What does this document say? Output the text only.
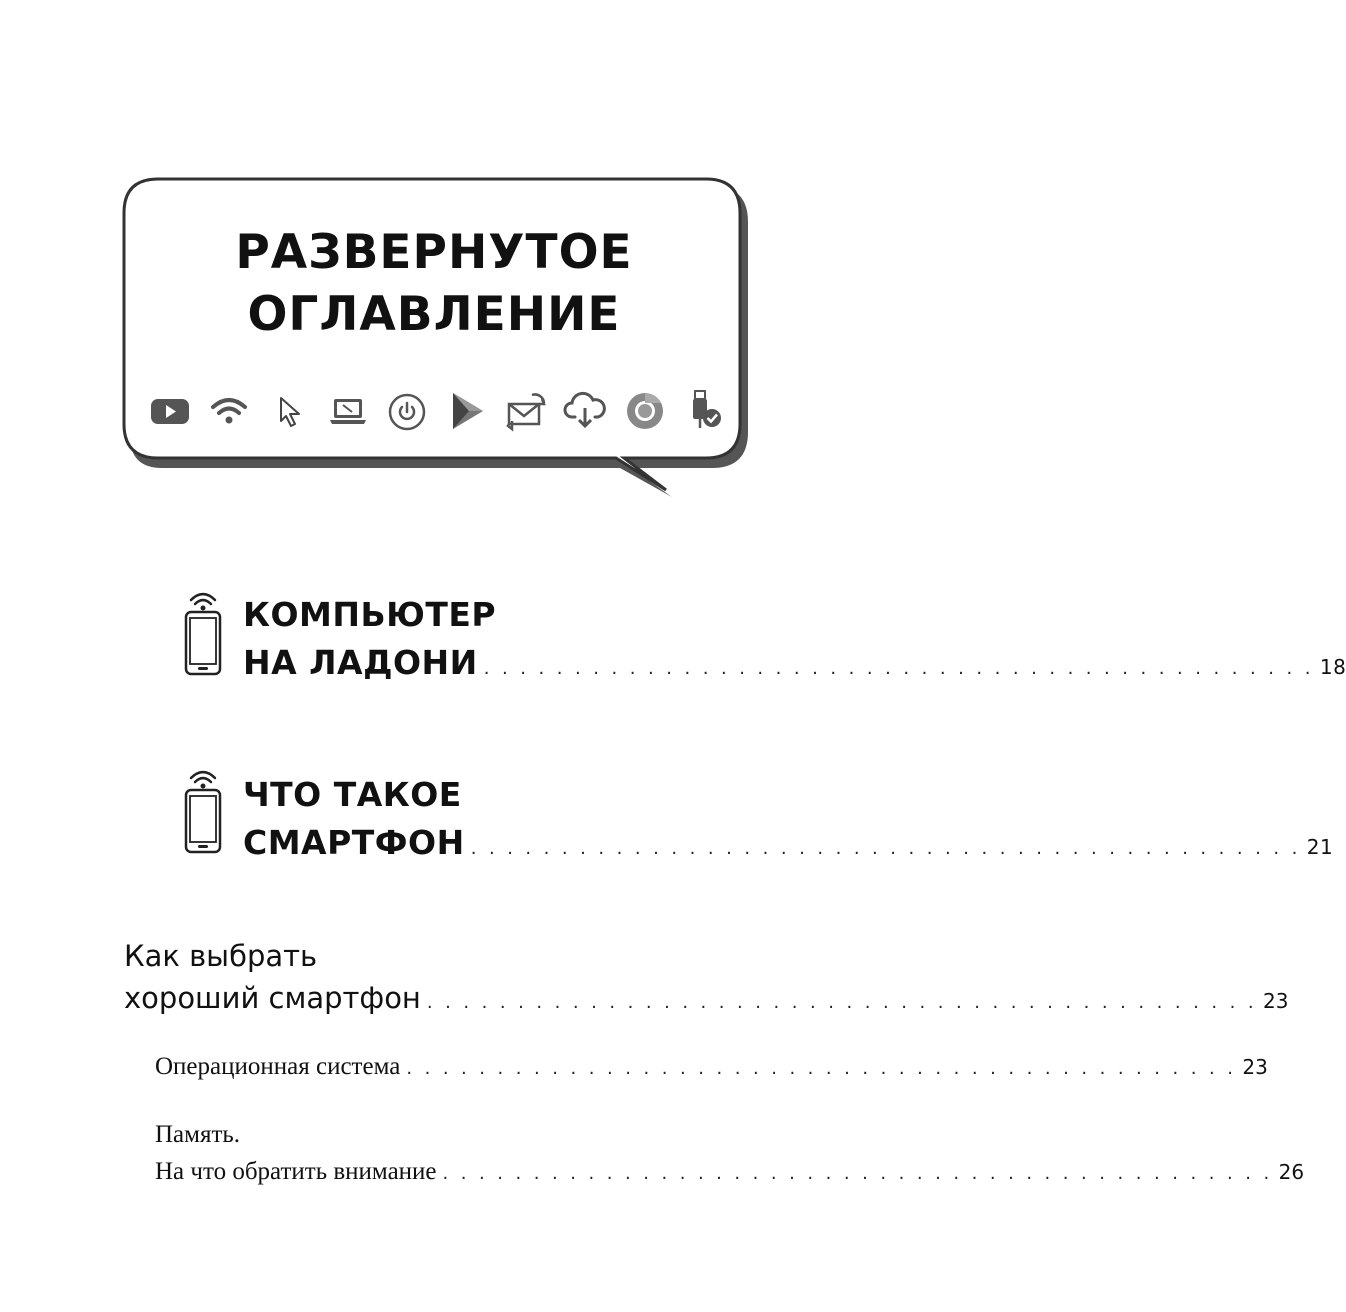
РАЗВЕРНУТОЕ
ОГЛАВЛЕНИЕ
КОМПЬЮТЕР
НА ЛАДОНИ . . . . . . . . . . . . . . . . . . . . . . . . . . . . . . . . . . . . . . . . . . . . . . 18
ЧТО ТАКОЕ
СМАРТФОН . . . . . . . . . . . . . . . . . . . . . . . . . . . . . . . . . . . . . . . . . . . . . . 21
Как выбрать
хороший смартфон . . . . . . . . . . . . . . . . . . . . . . . . . . . . . . . . . . . . . . . . . . . . . . 23
Операционная система . . . . . . . . . . . . . . . . . . . . . . . . . . . . . . . . . . . . . . . . . . . . . . 23
Память.
На что обратить внимание . . . . . . . . . . . . . . . . . . . . . . . . . . . . . . . . . . . . . . . . . . . . . . 26
